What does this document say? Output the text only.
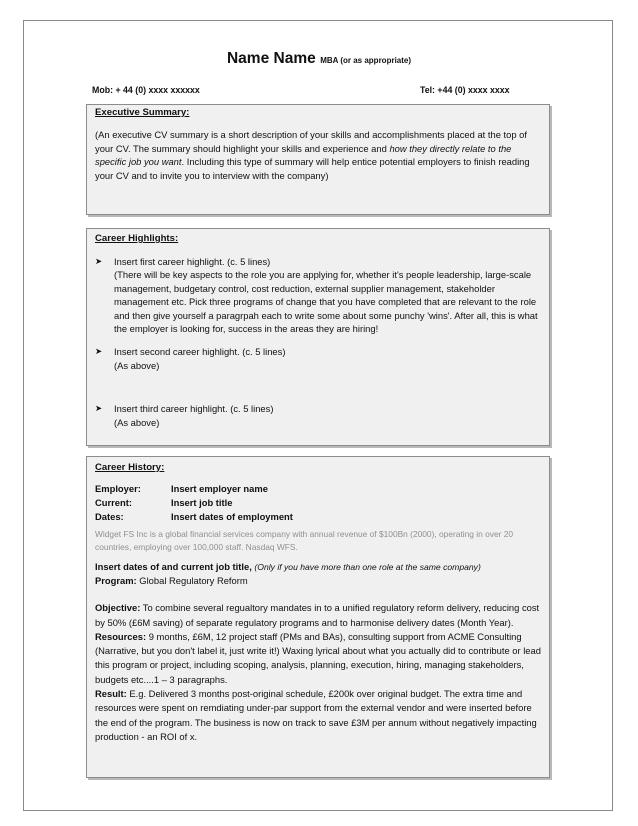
Name Name MBA (or as appropriate)
Mob: + 44 (0) xxxx xxxxxx	Tel: +44 (0) xxxx xxxx
Executive Summary:
(An executive CV summary is a short description of your skills and accomplishments placed at the top of your CV. The summary should highlight your skills and experience and how they directly relate to the specific job you want. Including this type of summary will help entice potential employers to finish reading your CV and to invite you to interview with the company)
Career Highlights:
➤ Insert first career highlight. (c. 5 lines)
(There will be key aspects to the role you are applying for, whether it's people leadership, large-scale management, budgetary control, cost reduction, external supplier management, stakeholder management etc. Pick three programs of change that you have completed that are relevant to the role and then give yourself a paragrpah each to write some about some punchy 'wins'. After all, this is what the employer is looking for, success in the areas they are hiring!
➤ Insert second career highlight. (c. 5 lines)
(As above)
➤ Insert third career highlight. (c. 5 lines)
(As above)
Career History:
Employer:	Insert employer name
Current:	Insert job title
Dates:	Insert dates of employment
Widget FS Inc is a global financial services company with annual revenue of $100Bn (2000), operating in over 20 countries, employing over 100,000 staff. Nasdaq WFS.
Insert dates of and current job title, (Only if you have more than one role at the same company)
Program: Global Regulatory Reform
Objective: To combine several regualtory mandates in to a unified regulatory reform delivery, reducing cost by 50% (£6M saving) of separate regulatory programs and to harmonise delivery dates (Month Year).
Resources: 9 months, £6M, 12 project staff (PMs and BAs), consulting support from ACME Consulting
(Narrative, but you don't label it, just write it!) Waxing lyrical about what you actually did to contribute or lead this program or project, including scoping, analysis, planning, execution, hiring, managing stakeholders, budgets etc....1 – 3 paragraphs.
Result: E.g. Delivered 3 months post-original schedule, £200k over original budget. The extra time and resources were spent on remdiating under-par support from the external vendor and were inserted before the end of the program. The business is now on track to save £3M per annum without negatively impacting production - an ROI of x.
